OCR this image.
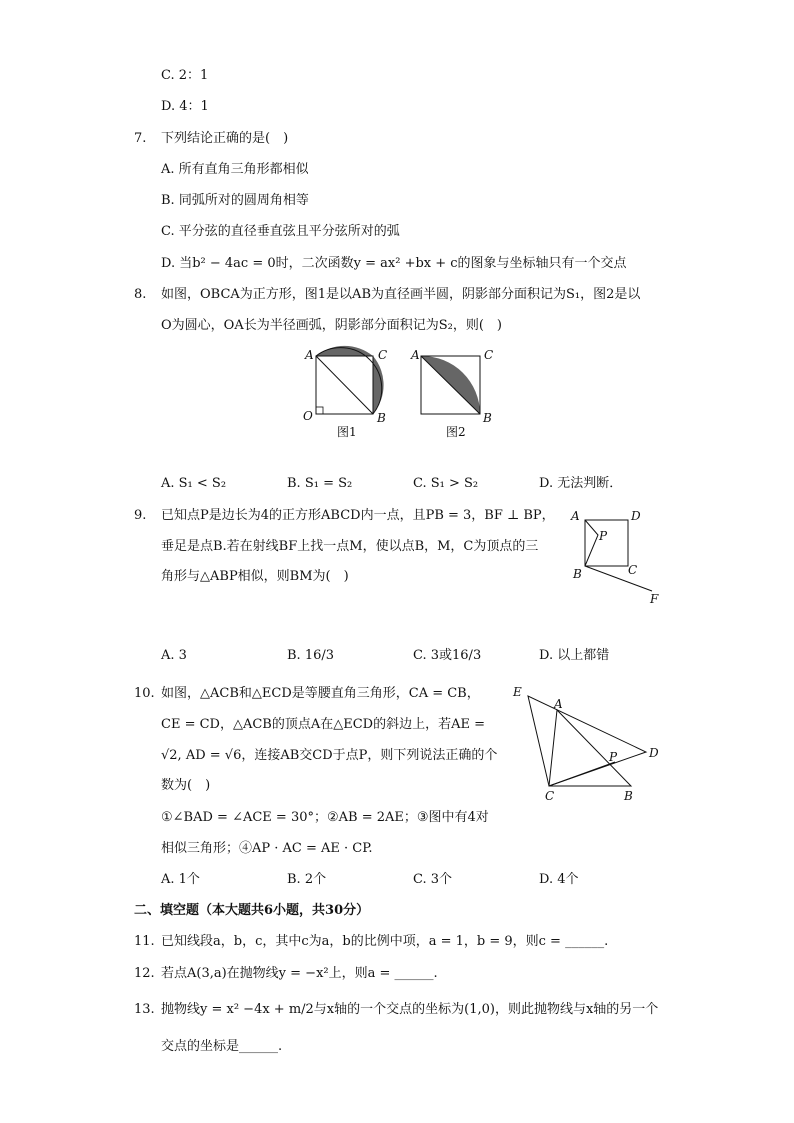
C. 2：1
D. 4：1
7. 下列结论正确的是(　)
A. 所有直角三角形都相似
B. 同弧所对的圆周角相等
C. 平分弦的直径垂直弦且平分弦所对的弧
D. 当b² − 4ac = 0时，二次函数y = ax² +bx + c的图象与坐标轴只有一个交点
8. 如图，OBCA为正方形，图1是以AB为直径画半圆，阴影部分面积记为S₁，图2是以
O为圆心，OA长为半径画弧，阴影部分面积记为S₂，则(　)
A	C
O	B
图1
A	C
B
图2
A	D
P
B	C
F
E
A
P	D
C	B
A. S₁ < S₂	B. S₁ = S₂	C. S₁ > S₂	D. 无法判断．
9. 已知点P是边长为4的正方形ABCD内一点，且PB = 3，BF ⊥ BP，
垂足是点B.若在射线BF上找一点M，使以点B，M，C为顶点的三
角形与△ABP相似，则BM为(　)
A. 3	B. 16/3	C. 3或16/3	D. 以上都错
10. 如图，△ACB和△ECD是等腰直角三角形，CA = CB，
CE = CD，△ACB的顶点A在△ECD的斜边上，若AE =
√2, AD = √6，连接AB交CD于点P，则下列说法正确的个
数为(　)
①∠BAD = ∠ACE = 30°；②AB = 2AE；③图中有4对
相似三角形；④AP · AC = AE · CP.
A. 1个	B. 2个	C. 3个	D. 4个
二、填空题（本大题共6小题，共30分）
11. 已知线段a，b，c，其中c为a，b的比例中项，a = 1，b = 9，则c = ______.
12. 若点A(3,a)在抛物线y = −x²上，则a = ______.
13. 抛物线y = x² −4x + m/2与x轴的一个交点的坐标为(1,0)，则此抛物线与x轴的另一个
交点的坐标是______.
